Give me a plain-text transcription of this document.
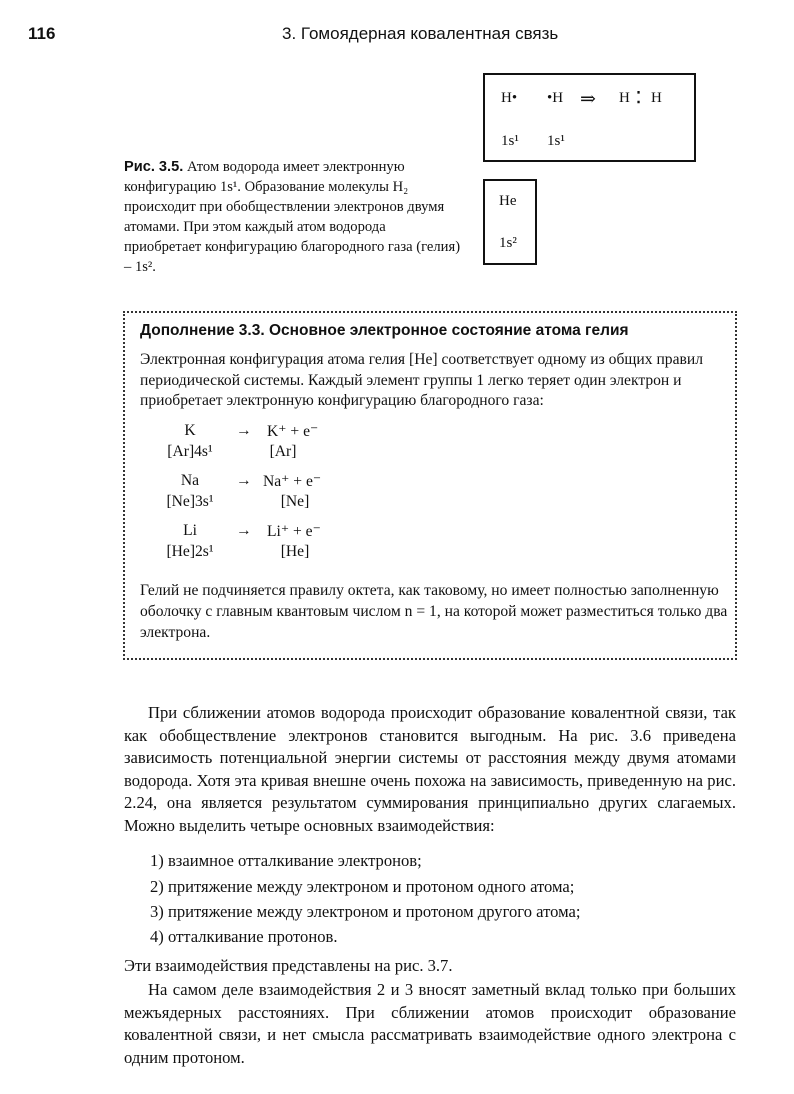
116	3. Гомоядерная ковалентная связь
H• •H ⇒ H ⁚ H
1s¹ 1s¹
He
1s²
Рис. 3.5. Атом водорода имеет электронную конфигурацию 1s¹. Образование молекулы H₂ происходит при обобществлении электронов двумя атомами. При этом каждый атом водорода приобретает конфигурацию благородного газа (гелия) – 1s².
Дополнение 3.3. Основное электронное состояние атома гелия
Электронная конфигурация атома гелия [He] соответствует одному из общих правил периодической системы. Каждый элемент группы 1 легко теряет один электрон и приобретает электронную конфигурацию благородного газа:
K	→ K⁺ + e⁻
[Ar]4s¹	[Ar]
Na	→ Na⁺ + e⁻
[Ne]3s¹	[Ne]
Li	→ Li⁺ + e⁻
[He]2s¹	[He]
Гелий не подчиняется правилу октета, как таковому, но имеет полностью заполненную оболочку с главным квантовым числом n = 1, на которой может разместиться только два электрона.
При сближении атомов водорода происходит образование ковалентной связи, так как обобществление электронов становится выгодным. На рис. 3.6 приведена зависимость потенциальной энергии системы от расстояния между двумя атомами водорода. Хотя эта кривая внешне очень похожа на зависимость, приведенную на рис. 2.24, она является результатом суммирования принципиально других слагаемых. Можно выделить четыре основных взаимодействия:
1) взаимное отталкивание электронов;
2) притяжение между электроном и протоном одного атома;
3) притяжение между электроном и протоном другого атома;
4) отталкивание протонов.
Эти взаимодействия представлены на рис. 3.7.
На самом деле взаимодействия 2 и 3 вносят заметный вклад только при больших межъядерных расстояниях. При сближении атомов происходит образование ковалентной связи, и нет смысла рассматривать взаимодействие одного электрона с одним протоном.
